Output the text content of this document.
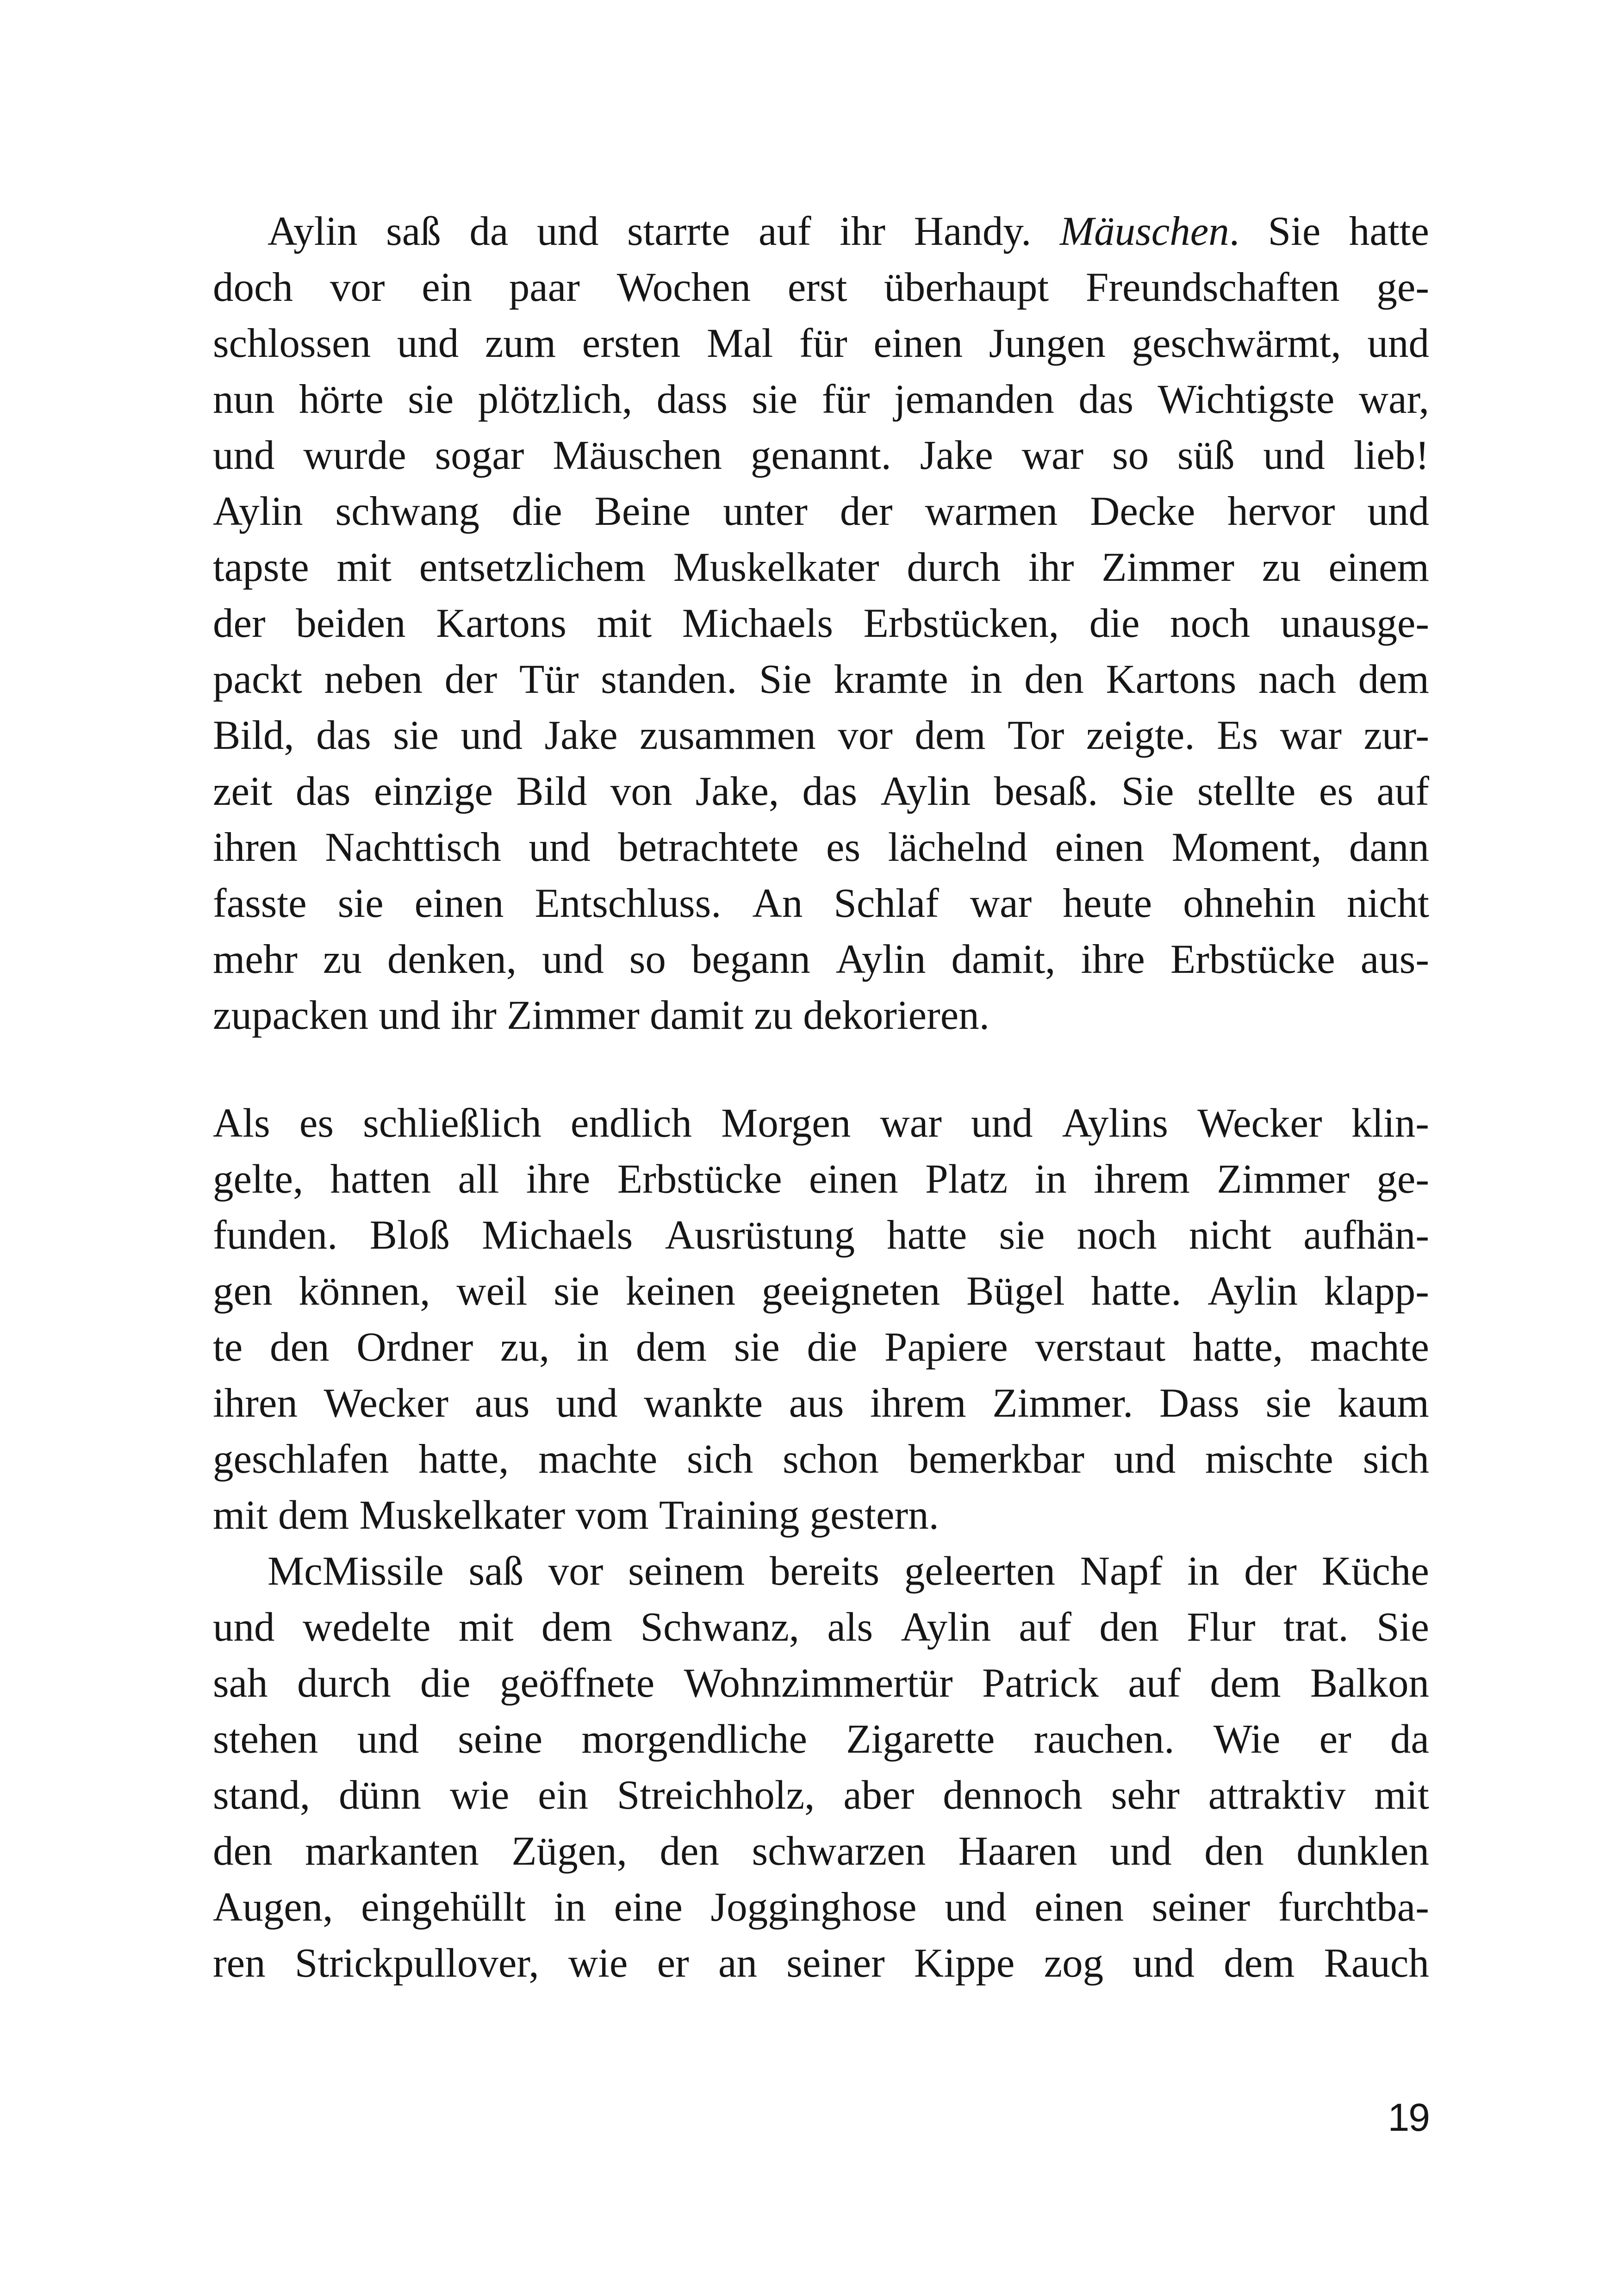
Aylin saß da und starrte auf ihr Handy. Mäuschen. Sie hatte
doch vor ein paar Wochen erst überhaupt Freundschaften ge-
schlossen und zum ersten Mal für einen Jungen geschwärmt, und
nun hörte sie plötzlich, dass sie für jemanden das Wichtigste war,
und wurde sogar Mäuschen genannt. Jake war so süß und lieb!
Aylin schwang die Beine unter der warmen Decke hervor und
tapste mit entsetzlichem Muskelkater durch ihr Zimmer zu einem
der beiden Kartons mit Michaels Erbstücken, die noch unausge-
packt neben der Tür standen. Sie kramte in den Kartons nach dem
Bild, das sie und Jake zusammen vor dem Tor zeigte. Es war zur-
zeit das einzige Bild von Jake, das Aylin besaß. Sie stellte es auf
ihren Nachttisch und betrachtete es lächelnd einen Moment, dann
fasste sie einen Entschluss. An Schlaf war heute ohnehin nicht
mehr zu denken, und so begann Aylin damit, ihre Erbstücke aus-
zupacken und ihr Zimmer damit zu dekorieren.
Als es schließlich endlich Morgen war und Aylins Wecker klin-
gelte, hatten all ihre Erbstücke einen Platz in ihrem Zimmer ge-
funden. Bloß Michaels Ausrüstung hatte sie noch nicht aufhän-
gen können, weil sie keinen geeigneten Bügel hatte. Aylin klapp-
te den Ordner zu, in dem sie die Papiere verstaut hatte, machte
ihren Wecker aus und wankte aus ihrem Zimmer. Dass sie kaum
geschlafen hatte, machte sich schon bemerkbar und mischte sich
mit dem Muskelkater vom Training gestern.
McMissile saß vor seinem bereits geleerten Napf in der Küche
und wedelte mit dem Schwanz, als Aylin auf den Flur trat. Sie
sah durch die geöffnete Wohnzimmertür Patrick auf dem Balkon
stehen und seine morgendliche Zigarette rauchen. Wie er da
stand, dünn wie ein Streichholz, aber dennoch sehr attraktiv mit
den markanten Zügen, den schwarzen Haaren und den dunklen
Augen, eingehüllt in eine Jogginghose und einen seiner furchtba-
ren Strickpullover, wie er an seiner Kippe zog und dem Rauch
19
